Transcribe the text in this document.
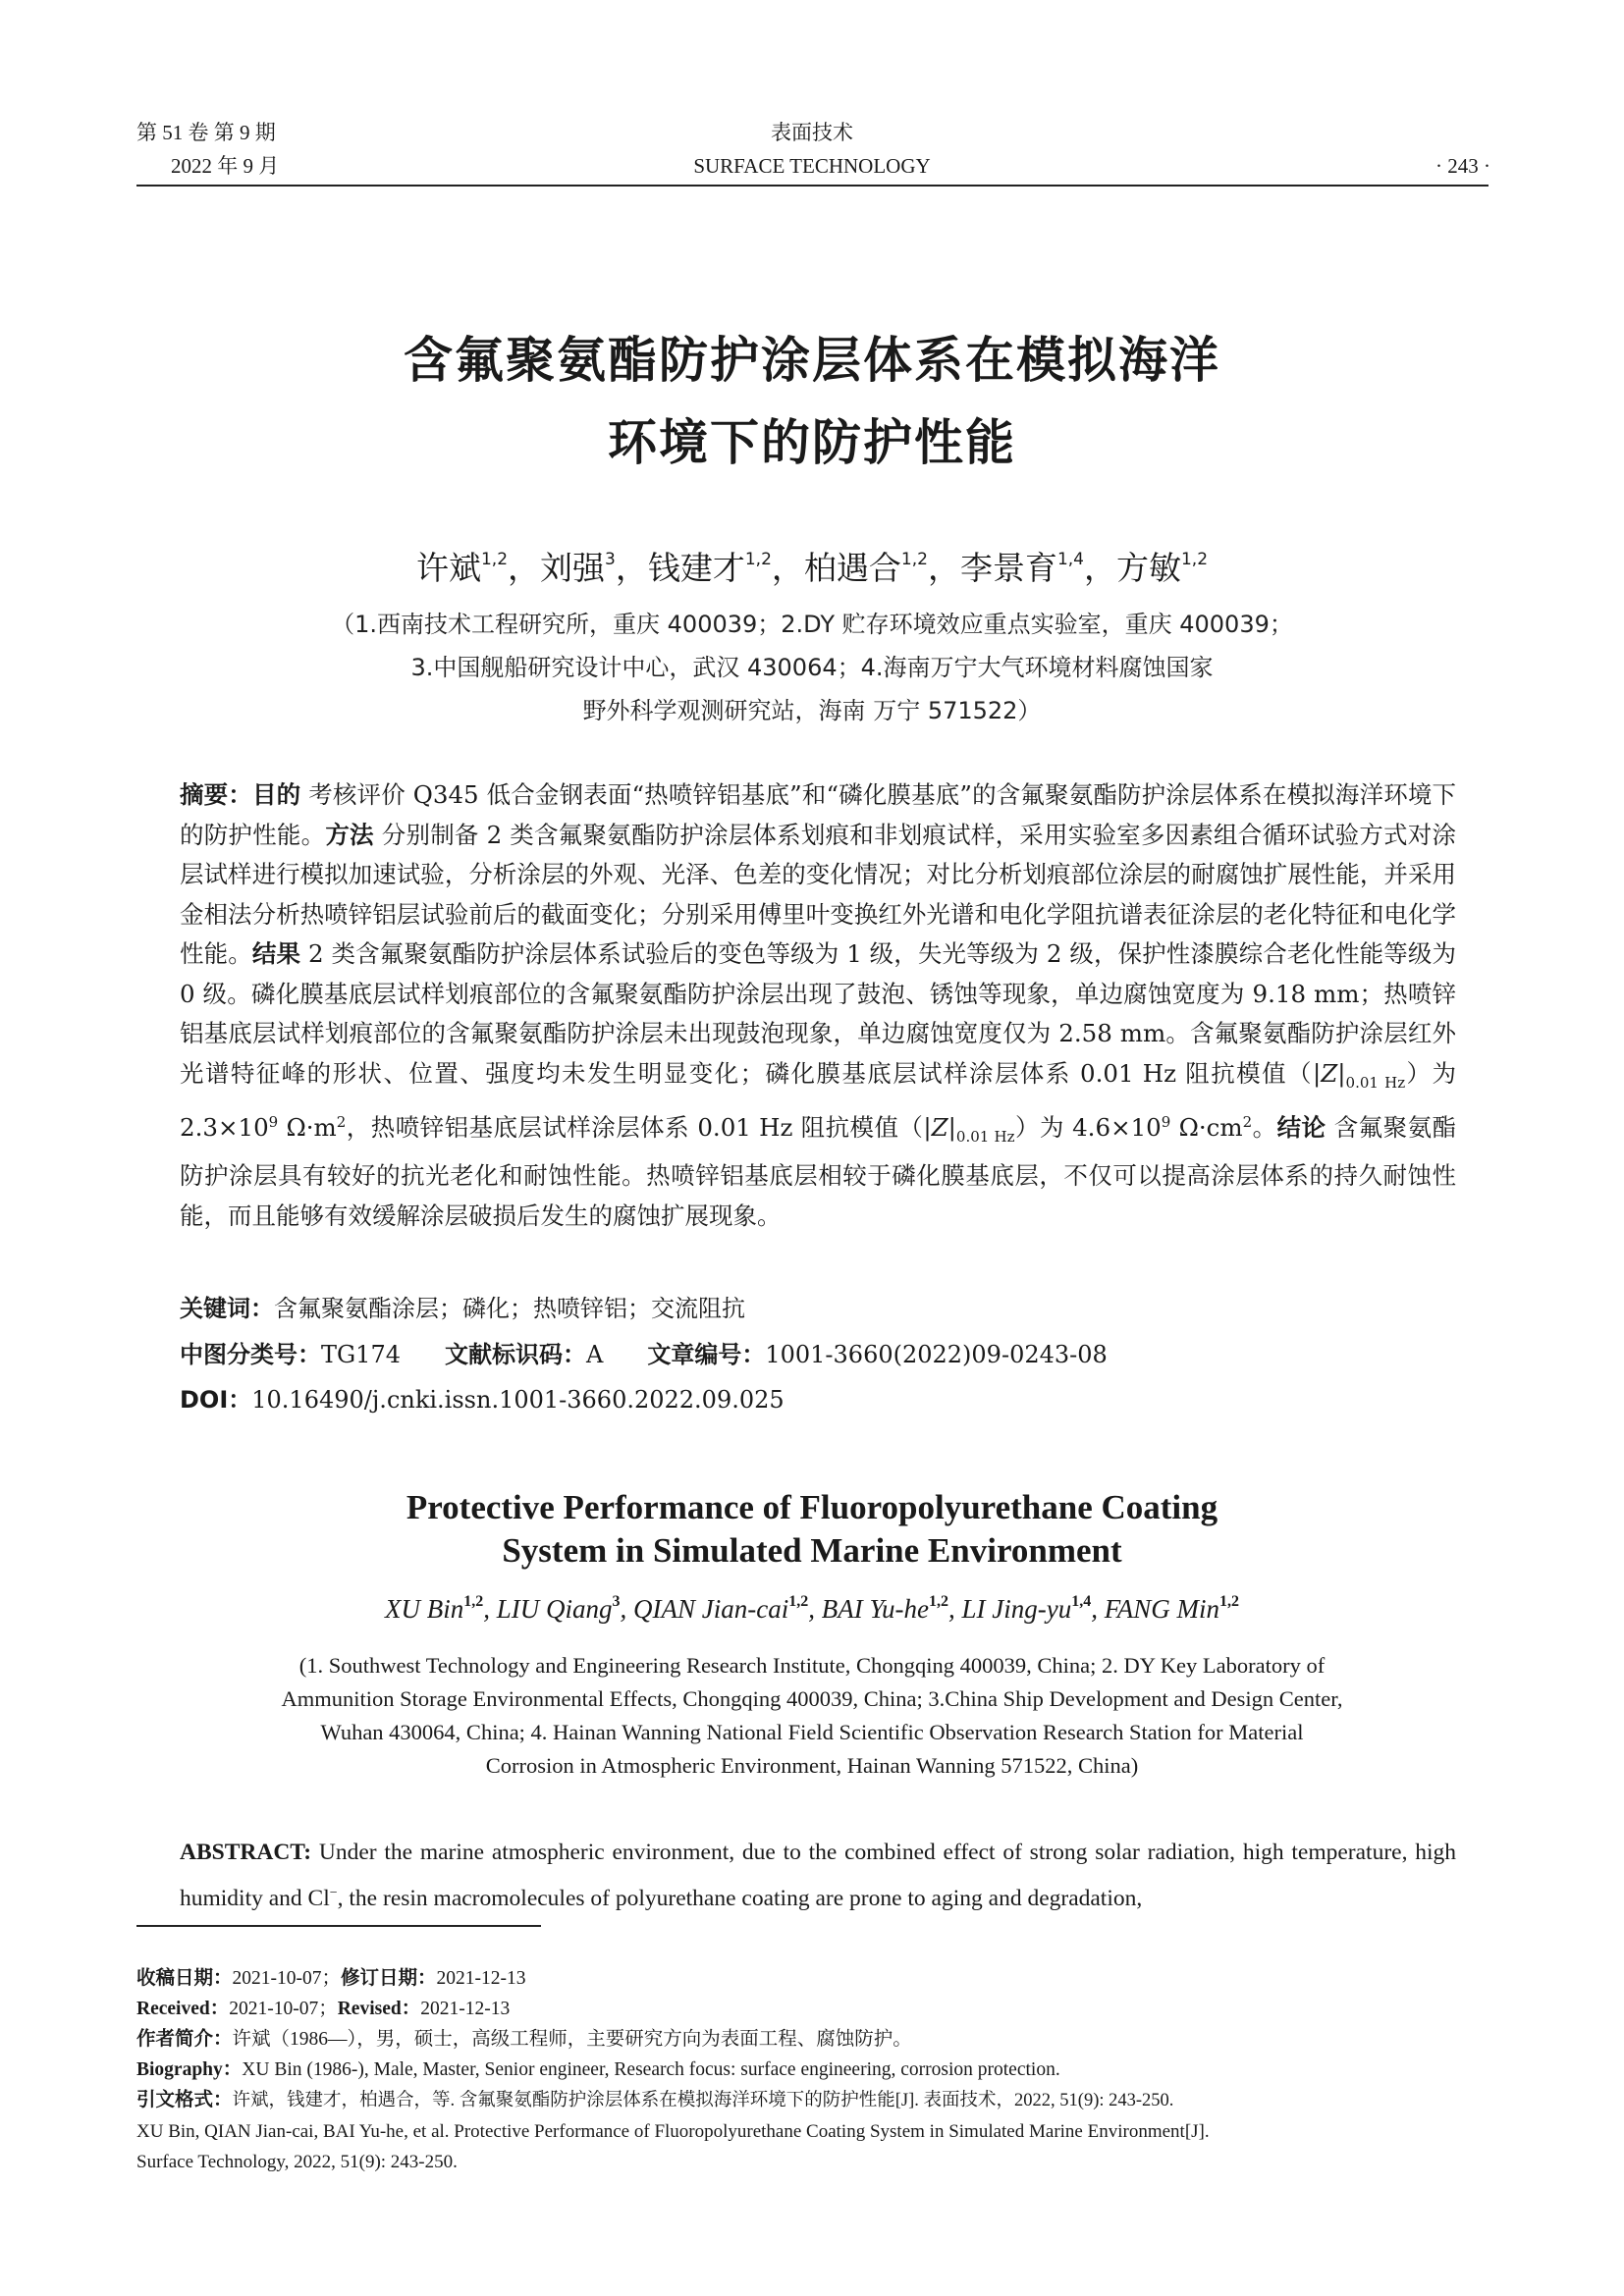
第 51 卷 第 9 期
2022 年 9 月
表面技术
SURFACE TECHNOLOGY	· 243 ·
含氟聚氨酯防护涂层体系在模拟海洋
环境下的防护性能
许斌$^{1,2}$，刘强$^3$，钱建才$^{1,2}$，柏遇合$^{1,2}$，李景育$^{1,4}$，方敏$^{1,2}$
（1.西南技术工程研究所，重庆 400039；2.DY 贮存环境效应重点实验室，重庆 400039；
3.中国舰船研究设计中心，武汉 430064；4.海南万宁大气环境材料腐蚀国家
野外科学观测研究站，海南 万宁 571522）
摘要：目的 考核评价 Q345 低合金钢表面“热喷锌铝基底”和“磷化膜基底”的含氟聚氨酯防护涂层体系在模拟海洋环境下的防护性能。方法 分别制备 2 类含氟聚氨酯防护涂层体系划痕和非划痕试样，采用实验室多因素组合循环试验方式对涂层试样进行模拟加速试验，分析涂层的外观、光泽、色差的变化情况；对比分析划痕部位涂层的耐腐蚀扩展性能，并采用金相法分析热喷锌铝层试验前后的截面变化；分别采用傅里叶变换红外光谱和电化学阻抗谱表征涂层的老化特征和电化学性能。结果 2 类含氟聚氨酯防护涂层体系试验后的变色等级为 1 级，失光等级为 2 级，保护性漆膜综合老化性能等级为 0 级。磷化膜基底层试样划痕部位的含氟聚氨酯防护涂层出现了鼓泡、锈蚀等现象，单边腐蚀宽度为 9.18 mm；热喷锌铝基底层试样划痕部位的含氟聚氨酯防护涂层未出现鼓泡现象，单边腐蚀宽度仅为 2.58 mm。含氟聚氨酯防护涂层红外光谱特征峰的形状、位置、强度均未发生明显变化；磷化膜基底层试样涂层体系 0.01 Hz 阻抗模值$(|Z|_{0.01 Hz})$为 $2.3\times 10^9$ $\Omega\cdot m^2$，热喷锌铝基底层试样涂层体系 0.01 Hz 阻抗模值$(|Z|_{0.01 Hz})$为 $4.6\times 10^9$ $\Omega\cdot cm^2$。结论 含氟聚氨酯防护涂层具有较好的抗光老化和耐蚀性能。热喷锌铝基底层相较于磷化膜基底层，不仅可以提高涂层体系的持久耐蚀性能，而且能够有效缓解涂层破损后发生的腐蚀扩展现象。
关键词：含氟聚氨酯涂层；磷化；热喷锌铝；交流阻抗
中图分类号：TG174 文献标识码：A 文章编号：1001-3660(2022)09-0243-08
DOI：10.16490/j.cnki.issn.1001-3660.2022.09.025
Protective Performance of Fluoropolyurethane Coating
System in Simulated Marine Environment
XU Bin$^{1,2}$, LIU Qiang$^3$, QIAN Jian-cai$^{1,2}$, BAI Yu-he$^{1,2}$, LI Jing-yu$^{1,4}$, FANG Min$^{1,2}$
(1. Southwest Technology and Engineering Research Institute, Chongqing 400039, China; 2. DY Key Laboratory of
Ammunition Storage Environmental Effects, Chongqing 400039, China; 3.China Ship Development and Design Center,
Wuhan 430064, China; 4. Hainan Wanning National Field Scientific Observation Research Station for Material
Corrosion in Atmospheric Environment, Hainan Wanning 571522, China)
ABSTRACT: Under the marine atmospheric environment, due to the combined effect of strong solar radiation, high temperature, high humidity and Cl−, the resin macromolecules of polyurethane coating are prone to aging and degradation,
收稿日期：2021-10-07；修订日期：2021-12-13
Received：2021-10-07；Revised：2021-12-13
作者简介：许斌（1986—），男，硕士，高级工程师，主要研究方向为表面工程、腐蚀防护。
Biography：XU Bin (1986-), Male, Master, Senior engineer, Research focus: surface engineering, corrosion protection.
引文格式：许斌，钱建才，柏遇合，等. 含氟聚氨酯防护涂层体系在模拟海洋环境下的防护性能[J]. 表面技术，2022, 51(9): 243-250.
XU Bin, QIAN Jian-cai, BAI Yu-he, et al. Protective Performance of Fluoropolyurethane Coating System in Simulated Marine Environment[J].
Surface Technology, 2022, 51(9): 243-250.
